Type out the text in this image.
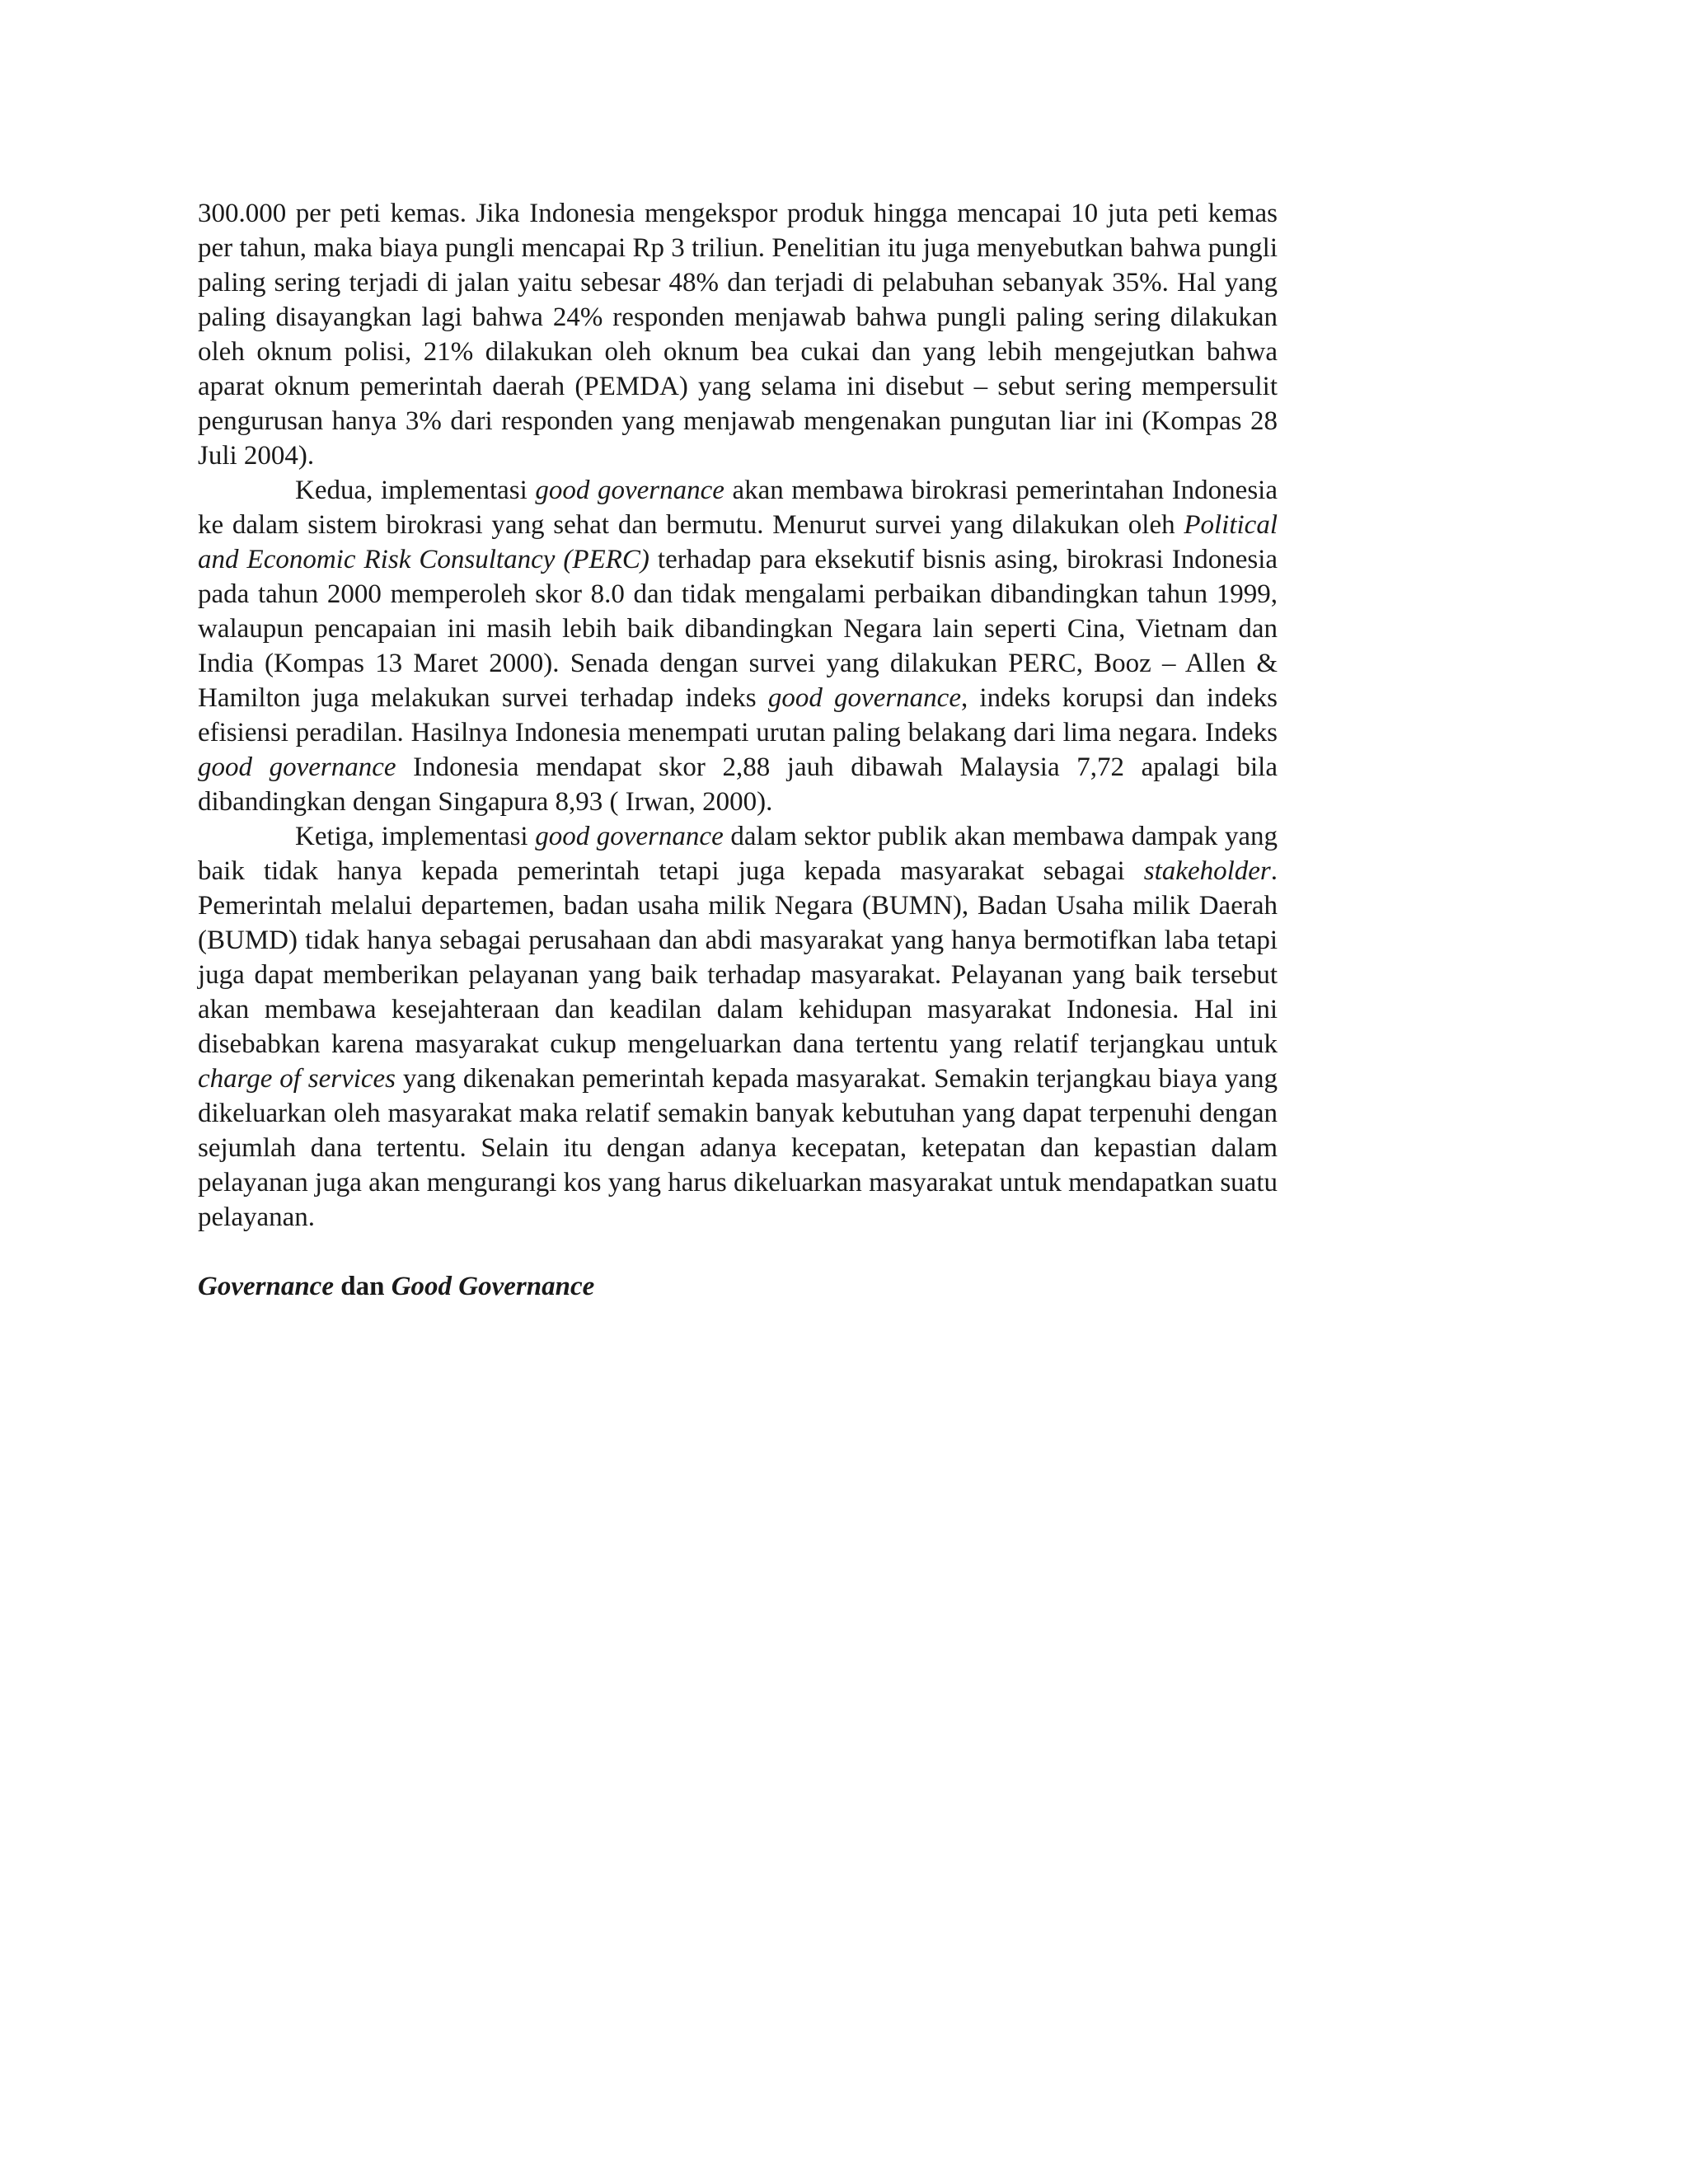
300.000 per peti kemas. Jika Indonesia mengekspor produk hingga mencapai 10 juta peti kemas per tahun, maka biaya pungli mencapai Rp 3 triliun. Penelitian itu juga menyebutkan bahwa pungli paling sering terjadi di jalan yaitu sebesar 48% dan terjadi di pelabuhan sebanyak 35%. Hal yang paling disayangkan lagi bahwa 24% responden menjawab bahwa pungli paling sering dilakukan oleh oknum polisi, 21% dilakukan oleh oknum bea cukai dan yang lebih mengejutkan bahwa aparat oknum pemerintah daerah (PEMDA) yang selama ini disebut – sebut sering mempersulit pengurusan hanya 3% dari responden yang menjawab mengenakan pungutan liar ini (Kompas 28 Juli 2004).

Kedua, implementasi good governance akan membawa birokrasi pemerintahan Indonesia ke dalam sistem birokrasi yang sehat dan bermutu. Menurut survei yang dilakukan oleh Political and Economic Risk Consultancy (PERC) terhadap para eksekutif bisnis asing, birokrasi Indonesia pada tahun 2000 memperoleh skor 8.0 dan tidak mengalami perbaikan dibandingkan tahun 1999, walaupun pencapaian ini masih lebih baik dibandingkan Negara lain seperti Cina, Vietnam dan India (Kompas 13 Maret 2000). Senada dengan survei yang dilakukan PERC, Booz – Allen & Hamilton juga melakukan survei terhadap indeks good governance, indeks korupsi dan indeks efisiensi peradilan. Hasilnya Indonesia menempati urutan paling belakang dari lima negara. Indeks good governance Indonesia mendapat skor 2,88 jauh dibawah Malaysia 7,72 apalagi bila dibandingkan dengan Singapura 8,93 ( Irwan, 2000).

Ketiga, implementasi good governance dalam sektor publik akan membawa dampak yang baik tidak hanya kepada pemerintah tetapi juga kepada masyarakat sebagai stakeholder. Pemerintah melalui departemen, badan usaha milik Negara (BUMN), Badan Usaha milik Daerah (BUMD) tidak hanya sebagai perusahaan dan abdi masyarakat yang hanya bermotifkan laba tetapi juga dapat memberikan pelayanan yang baik terhadap masyarakat. Pelayanan yang baik tersebut akan membawa kesejahteraan dan keadilan dalam kehidupan masyarakat Indonesia. Hal ini disebabkan karena masyarakat cukup mengeluarkan dana tertentu yang relatif terjangkau untuk charge of services yang dikenakan pemerintah kepada masyarakat. Semakin terjangkau biaya yang dikeluarkan oleh masyarakat maka relatif semakin banyak kebutuhan yang dapat terpenuhi dengan sejumlah dana tertentu. Selain itu dengan adanya kecepatan, ketepatan dan kepastian dalam pelayanan juga akan mengurangi kos yang harus dikeluarkan masyarakat untuk mendapatkan suatu pelayanan.

Governance dan Good Governance
